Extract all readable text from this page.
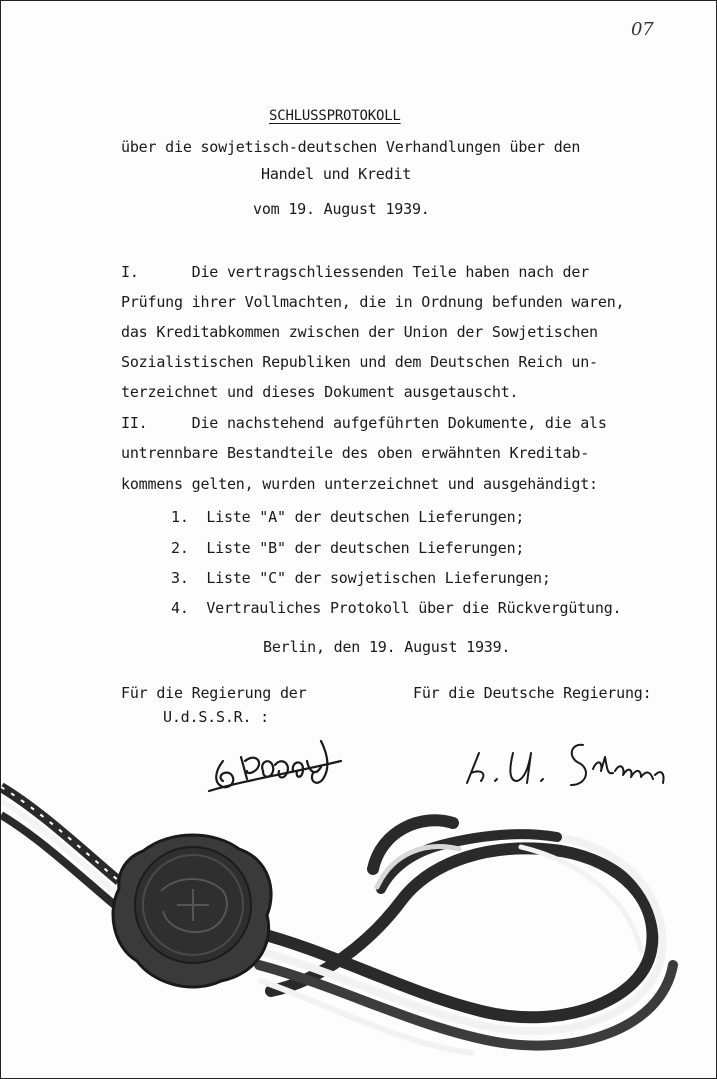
07
SCHLUSSPROTOKOLL
über die sowjetisch-deutschen Verhandlungen über den
Handel und Kredit
vom 19. August 1939.
I.      Die vertragschliessenden Teile haben nach der
Prüfung ihrer Vollmachten, die in Ordnung befunden waren,
das Kreditabkommen zwischen der Union der Sowjetischen
Sozialistischen Republiken und dem Deutschen Reich un-
terzeichnet und dieses Dokument ausgetauscht.
II.     Die nachstehend aufgeführten Dokumente, die als
untrennbare Bestandteile des oben erwähnten Kreditab-
kommens gelten, wurden unterzeichnet und ausgehändigt:
1.  Liste "A" der deutschen Lieferungen;
2.  Liste "B" der deutschen Lieferungen;
3.  Liste "C" der sowjetischen Lieferungen;
4.  Vertrauliches Protokoll über die Rückvergütung.
Berlin, den 19. August 1939.
Für die Regierung der
U.d.S.S.R. :
Für die Deutsche Regierung:
